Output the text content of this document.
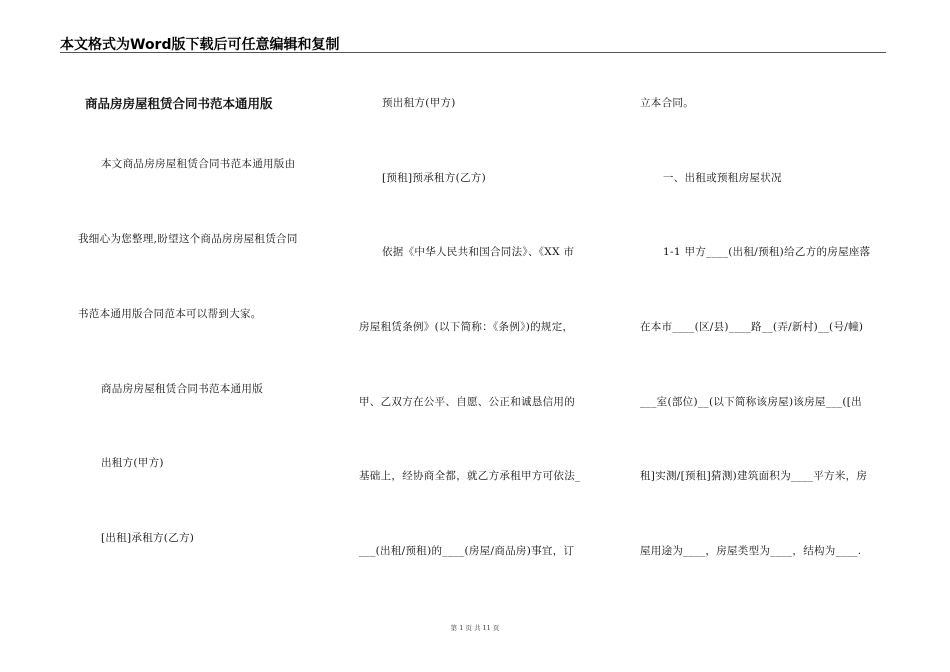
本文格式为Word版下载后可任意编辑和复制
商品房房屋租赁合同书范本通用版
本文商品房房屋租赁合同书范本通用版由
我细心为您整理,盼望这个商品房房屋租赁合同
书范本通用版合同范本可以帮到大家。
商品房房屋租赁合同书范本通用版
出租方(甲方)
[出租]承租方(乙方)
预出租方(甲方)
[预租]预承租方(乙方)
依据《中华人民共和国合同法》、《XX 市
房屋租赁条例》(以下简称：《条例》)的规定，
甲、乙双方在公平、自愿、公正和诚恳信用的
基础上，经协商全都，就乙方承租甲方可依法_
___(出租/预租)的____(房屋/商品房)事宜，订
立本合同。
一、出租或预租房屋状况
1-1 甲方____(出租/预租)给乙方的房屋座落
在本市____(区/县)____路__(弄/新村)__(号/幢)
___室(部位)__(以下简称该房屋)该房屋___([出
租]实测/[预租]猜测)建筑面积为____平方米，房
屋用途为____，房屋类型为____，结构为____.
第 1 页 共 11 页
